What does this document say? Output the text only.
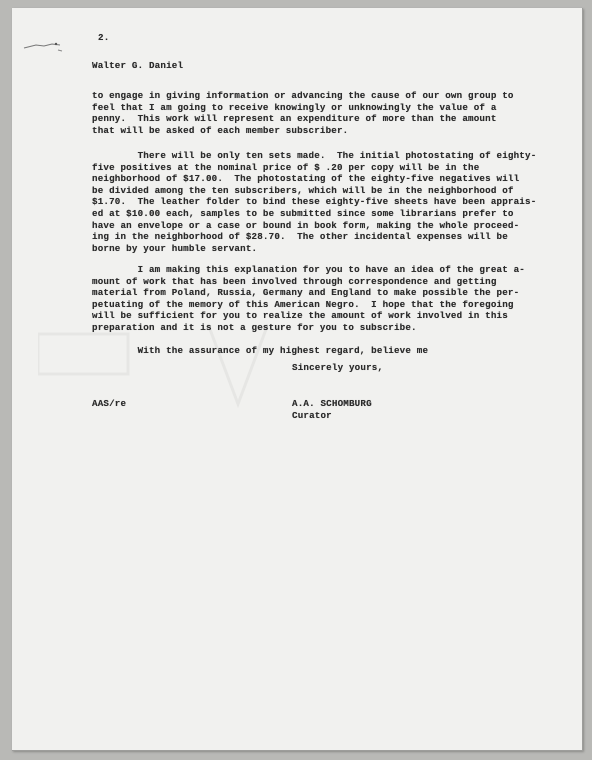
2.
Walter G. Daniel
to engage in giving information or advancing the cause of our own group to
feel that I am going to receive knowingly or unknowingly the value of a
penny.  This work will represent an expenditure of more than the amount
that will be asked of each member subscriber.
There will be only ten sets made.  The initial photostating of eighty-
five positives at the nominal price of $ .20 per copy will be in the
neighborhood of $17.00.  The photostating of the eighty-five negatives will
be divided among the ten subscribers, which will be in the neighborhood of
$1.70.  The leather folder to bind these eighty-five sheets have been apprais-
ed at $10.00 each, samples to be submitted since some librarians prefer to
have an envelope or a case or bound in book form, making the whole proceed-
ing in the neighborhood of $28.70.  The other incidental expenses will be
borne by your humble servant.
I am making this explanation for you to have an idea of the great a-
mount of work that has been involved through correspondence and getting
material from Poland, Russia, Germany and England to make possible the per-
petuating of the memory of this American Negro.  I hope that the foregoing
will be sufficient for you to realize the amount of work involved in this
preparation and it is not a gesture for you to subscribe.
With the assurance of my highest regard, believe me
Sincerely yours,
AAS/re	A.A. SCHOMBURG
Curator
